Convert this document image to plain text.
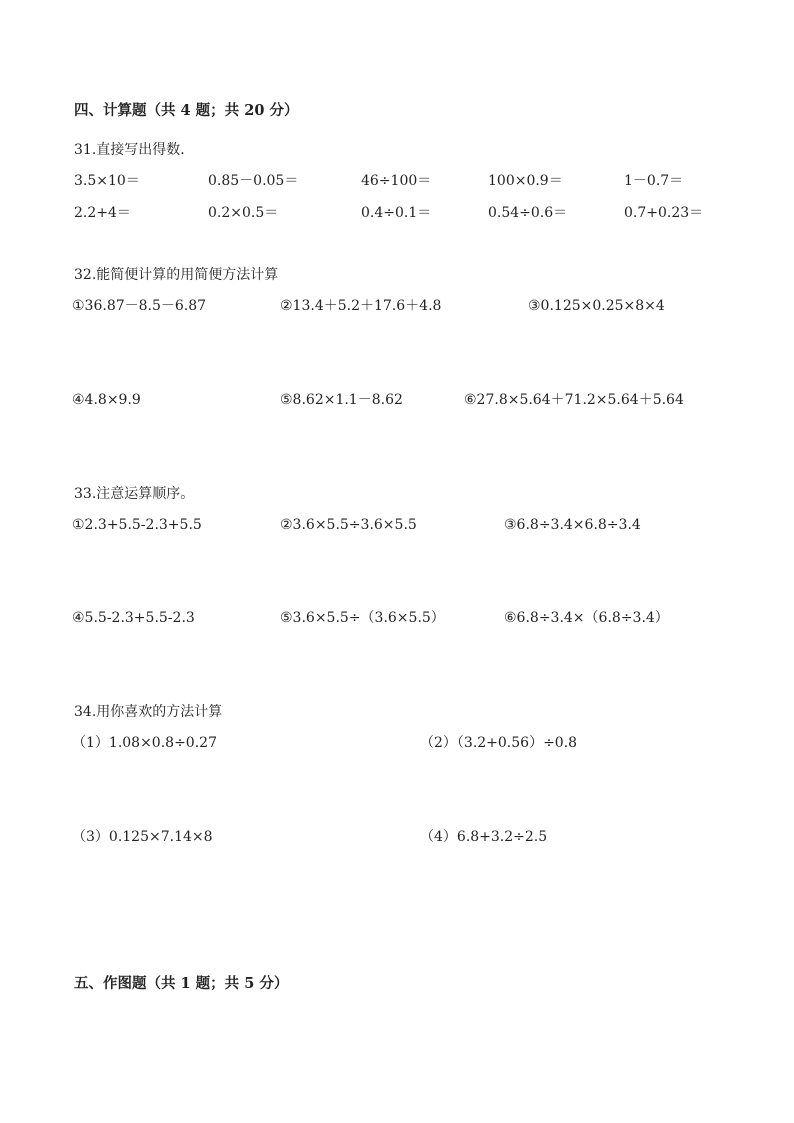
四、计算题（共 4 题；共 20 分）
31.直接写出得数.
3.5×10＝	0.85－0.05＝	46÷100＝	100×0.9＝	1－0.7＝
2.2+4＝	0.2×0.5＝	0.4÷0.1＝	0.54÷0.6＝	0.7+0.23＝
32.能简便计算的用简便方法计算
①36.87－8.5－6.87	②13.4＋5.2＋17.6＋4.8	③0.125×0.25×8×4
④4.8×9.9	⑤8.62×1.1－8.62	⑥27.8×5.64＋71.2×5.64＋5.64
33.注意运算顺序。
①2.3+5.5-2.3+5.5	②3.6×5.5÷3.6×5.5	③6.8÷3.4×6.8÷3.4
④5.5-2.3+5.5-2.3	⑤3.6×5.5÷（3.6×5.5）	⑥6.8÷3.4×（6.8÷3.4）
34.用你喜欢的方法计算
（1）1.08×0.8÷0.27	（2）（3.2+0.56）÷0.8
（3）0.125×7.14×8	（4）6.8+3.2÷2.5
五、作图题（共 1 题；共 5 分）
